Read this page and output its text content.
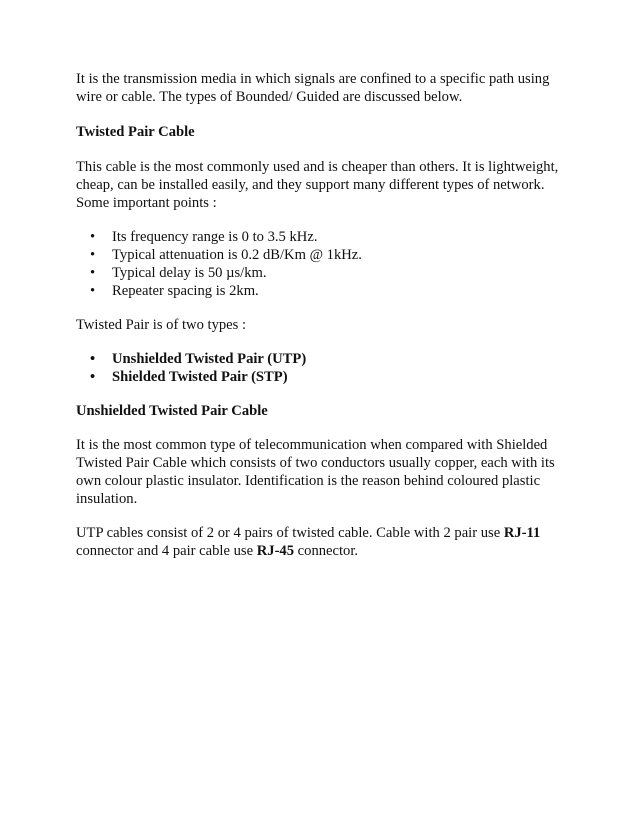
It is the transmission media in which signals are confined to a specific path using wire or cable. The types of Bounded/ Guided are discussed below.

Twisted Pair Cable

This cable is the most commonly used and is cheaper than others. It is lightweight, cheap, can be installed easily, and they support many different types of network. Some important points :

• Its frequency range is 0 to 3.5 kHz.
• Typical attenuation is 0.2 dB/Km @ 1kHz.
• Typical delay is 50 µs/km.
• Repeater spacing is 2km.

Twisted Pair is of two types :

• Unshielded Twisted Pair (UTP)
• Shielded Twisted Pair (STP)

Unshielded Twisted Pair Cable

It is the most common type of telecommunication when compared with Shielded Twisted Pair Cable which consists of two conductors usually copper, each with its own colour plastic insulator. Identification is the reason behind coloured plastic insulation.

UTP cables consist of 2 or 4 pairs of twisted cable. Cable with 2 pair use RJ-11 connector and 4 pair cable use RJ-45 connector.
